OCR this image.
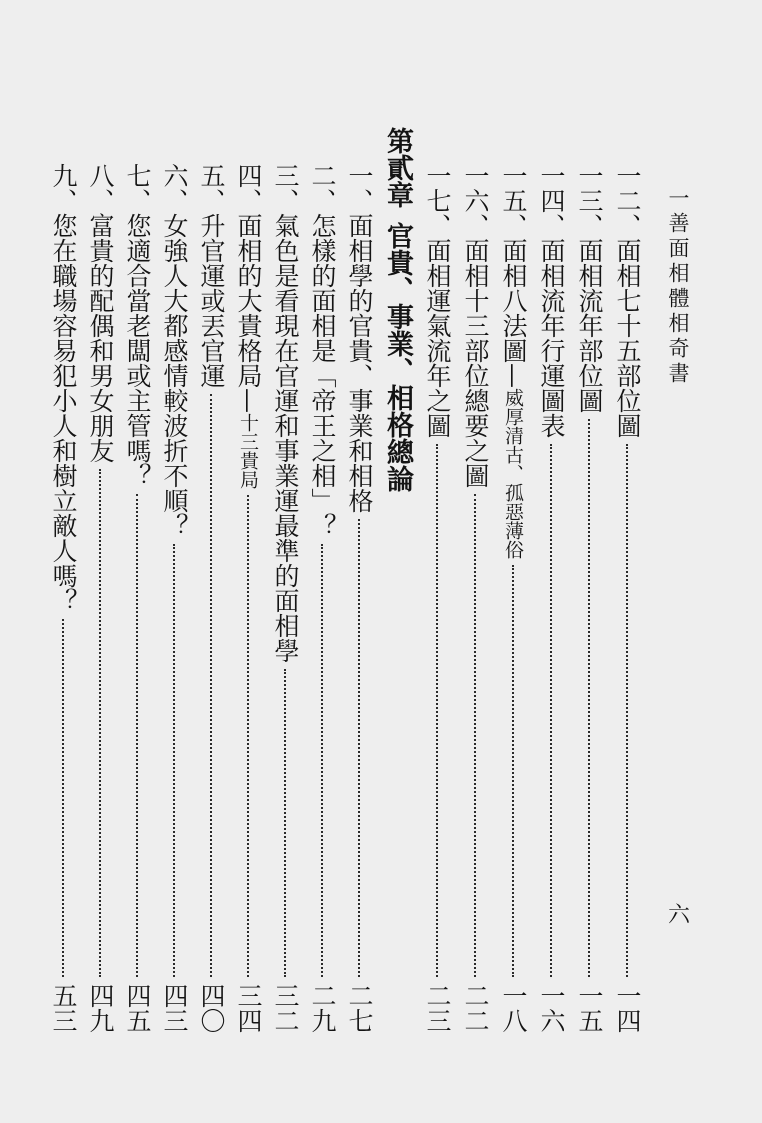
一善面相體相奇書
六
一二、面相七十五部位圖
一四
一三、面相流年部位圖
一五
一四、面相流年行運圖表
一六
一五、面相八法圖—
威厚清古、孤惡薄俗
一八
一六、面相十三部位總要之圖
二二
一七、面相運氣流年之圖
二三
第貳章官貴、事業、相格總論
一、面相學的官貴、事業和相格
二七
二、怎樣的面相是「帝王之相」？
二九
三、氣色是看現在官運和事業運最準的面相學
三二
四、面相的大貴格局—
十三貴局
三四
五、升官運或丟官運
四〇
六、女強人大都感情較波折不順？
四三
七、您適合當老闆或主管嗎？
四五
八、富貴的配偶和男女朋友
四九
九、您在職場容易犯小人和樹立敵人嗎？
五三
